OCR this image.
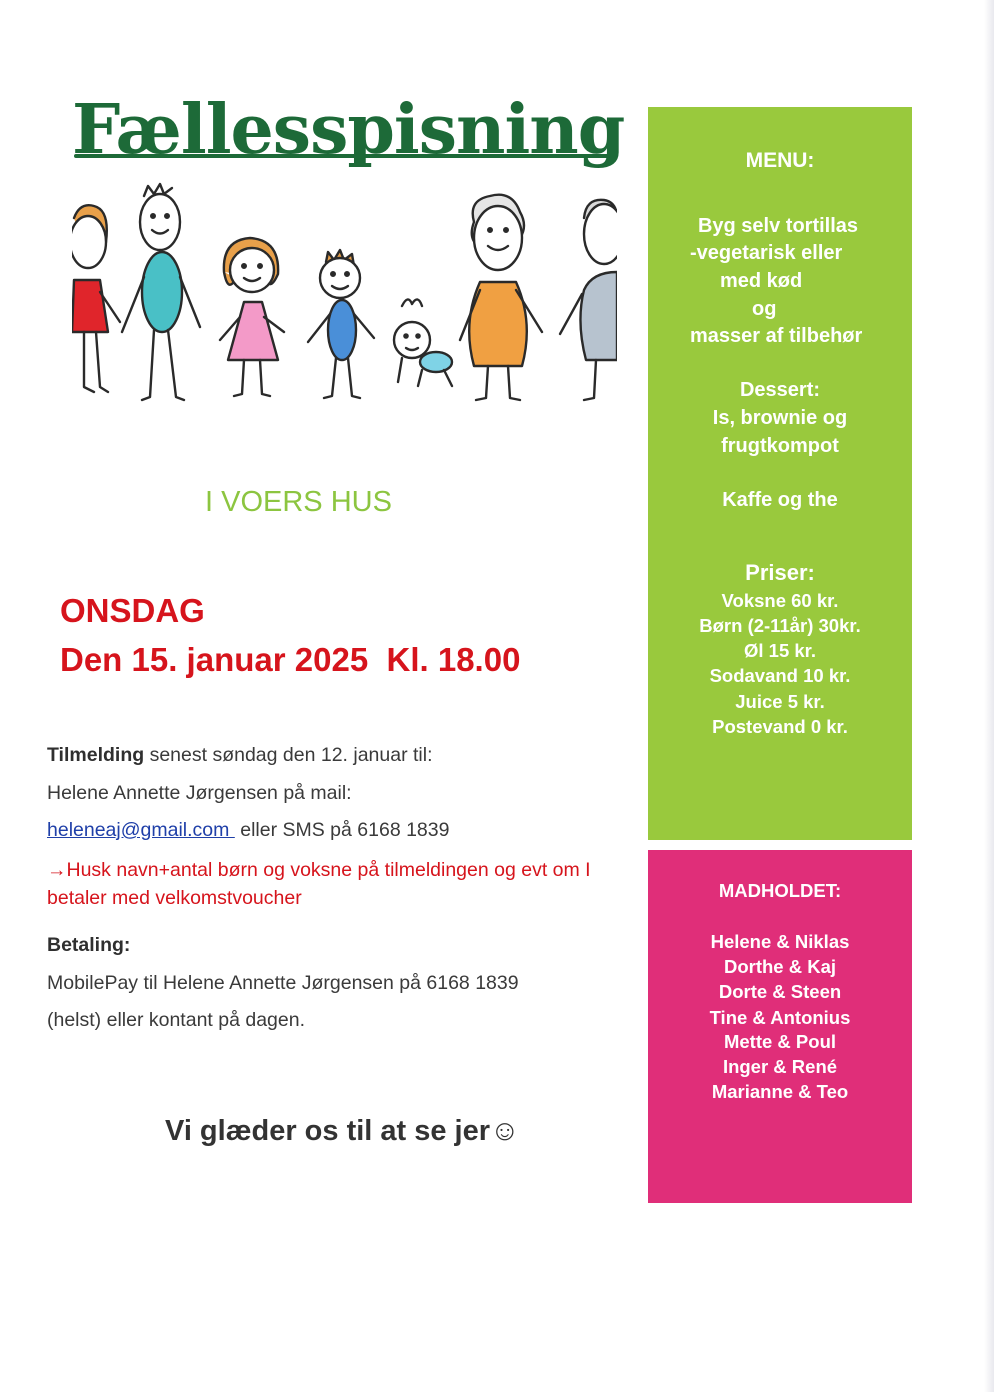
Fællesspisning
I VOERS HUS
ONSDAG
Den 15. januar 2025  Kl. 18.00
Tilmelding senest søndag den 12. januar til:
Helene Annette Jørgensen på mail:
heleneaj@gmail.com  eller SMS på 6168 1839
→Husk navn+antal børn og voksne på tilmeldingen og evt om I betaler med velkomstvoucher
Betaling:
MobilePay til Helene Annette Jørgensen på 6168 1839
(helst) eller kontant på dagen.
Vi glæder os til at se jer☺
MENU:
Byg selv tortillas
-vegetarisk eller
med kød
og
masser af tilbehør
Dessert:
Is, brownie og
frugtkompot
Kaffe og the
Priser:
Voksne 60 kr.
Børn (2-11år) 30kr.
Øl 15 kr.
Sodavand 10 kr.
Juice 5 kr.
Postevand 0 kr.
MADHOLDET:
Helene & Niklas
Dorthe & Kaj
Dorte & Steen
Tine & Antonius
Mette & Poul
Inger & René
Marianne & Teo
